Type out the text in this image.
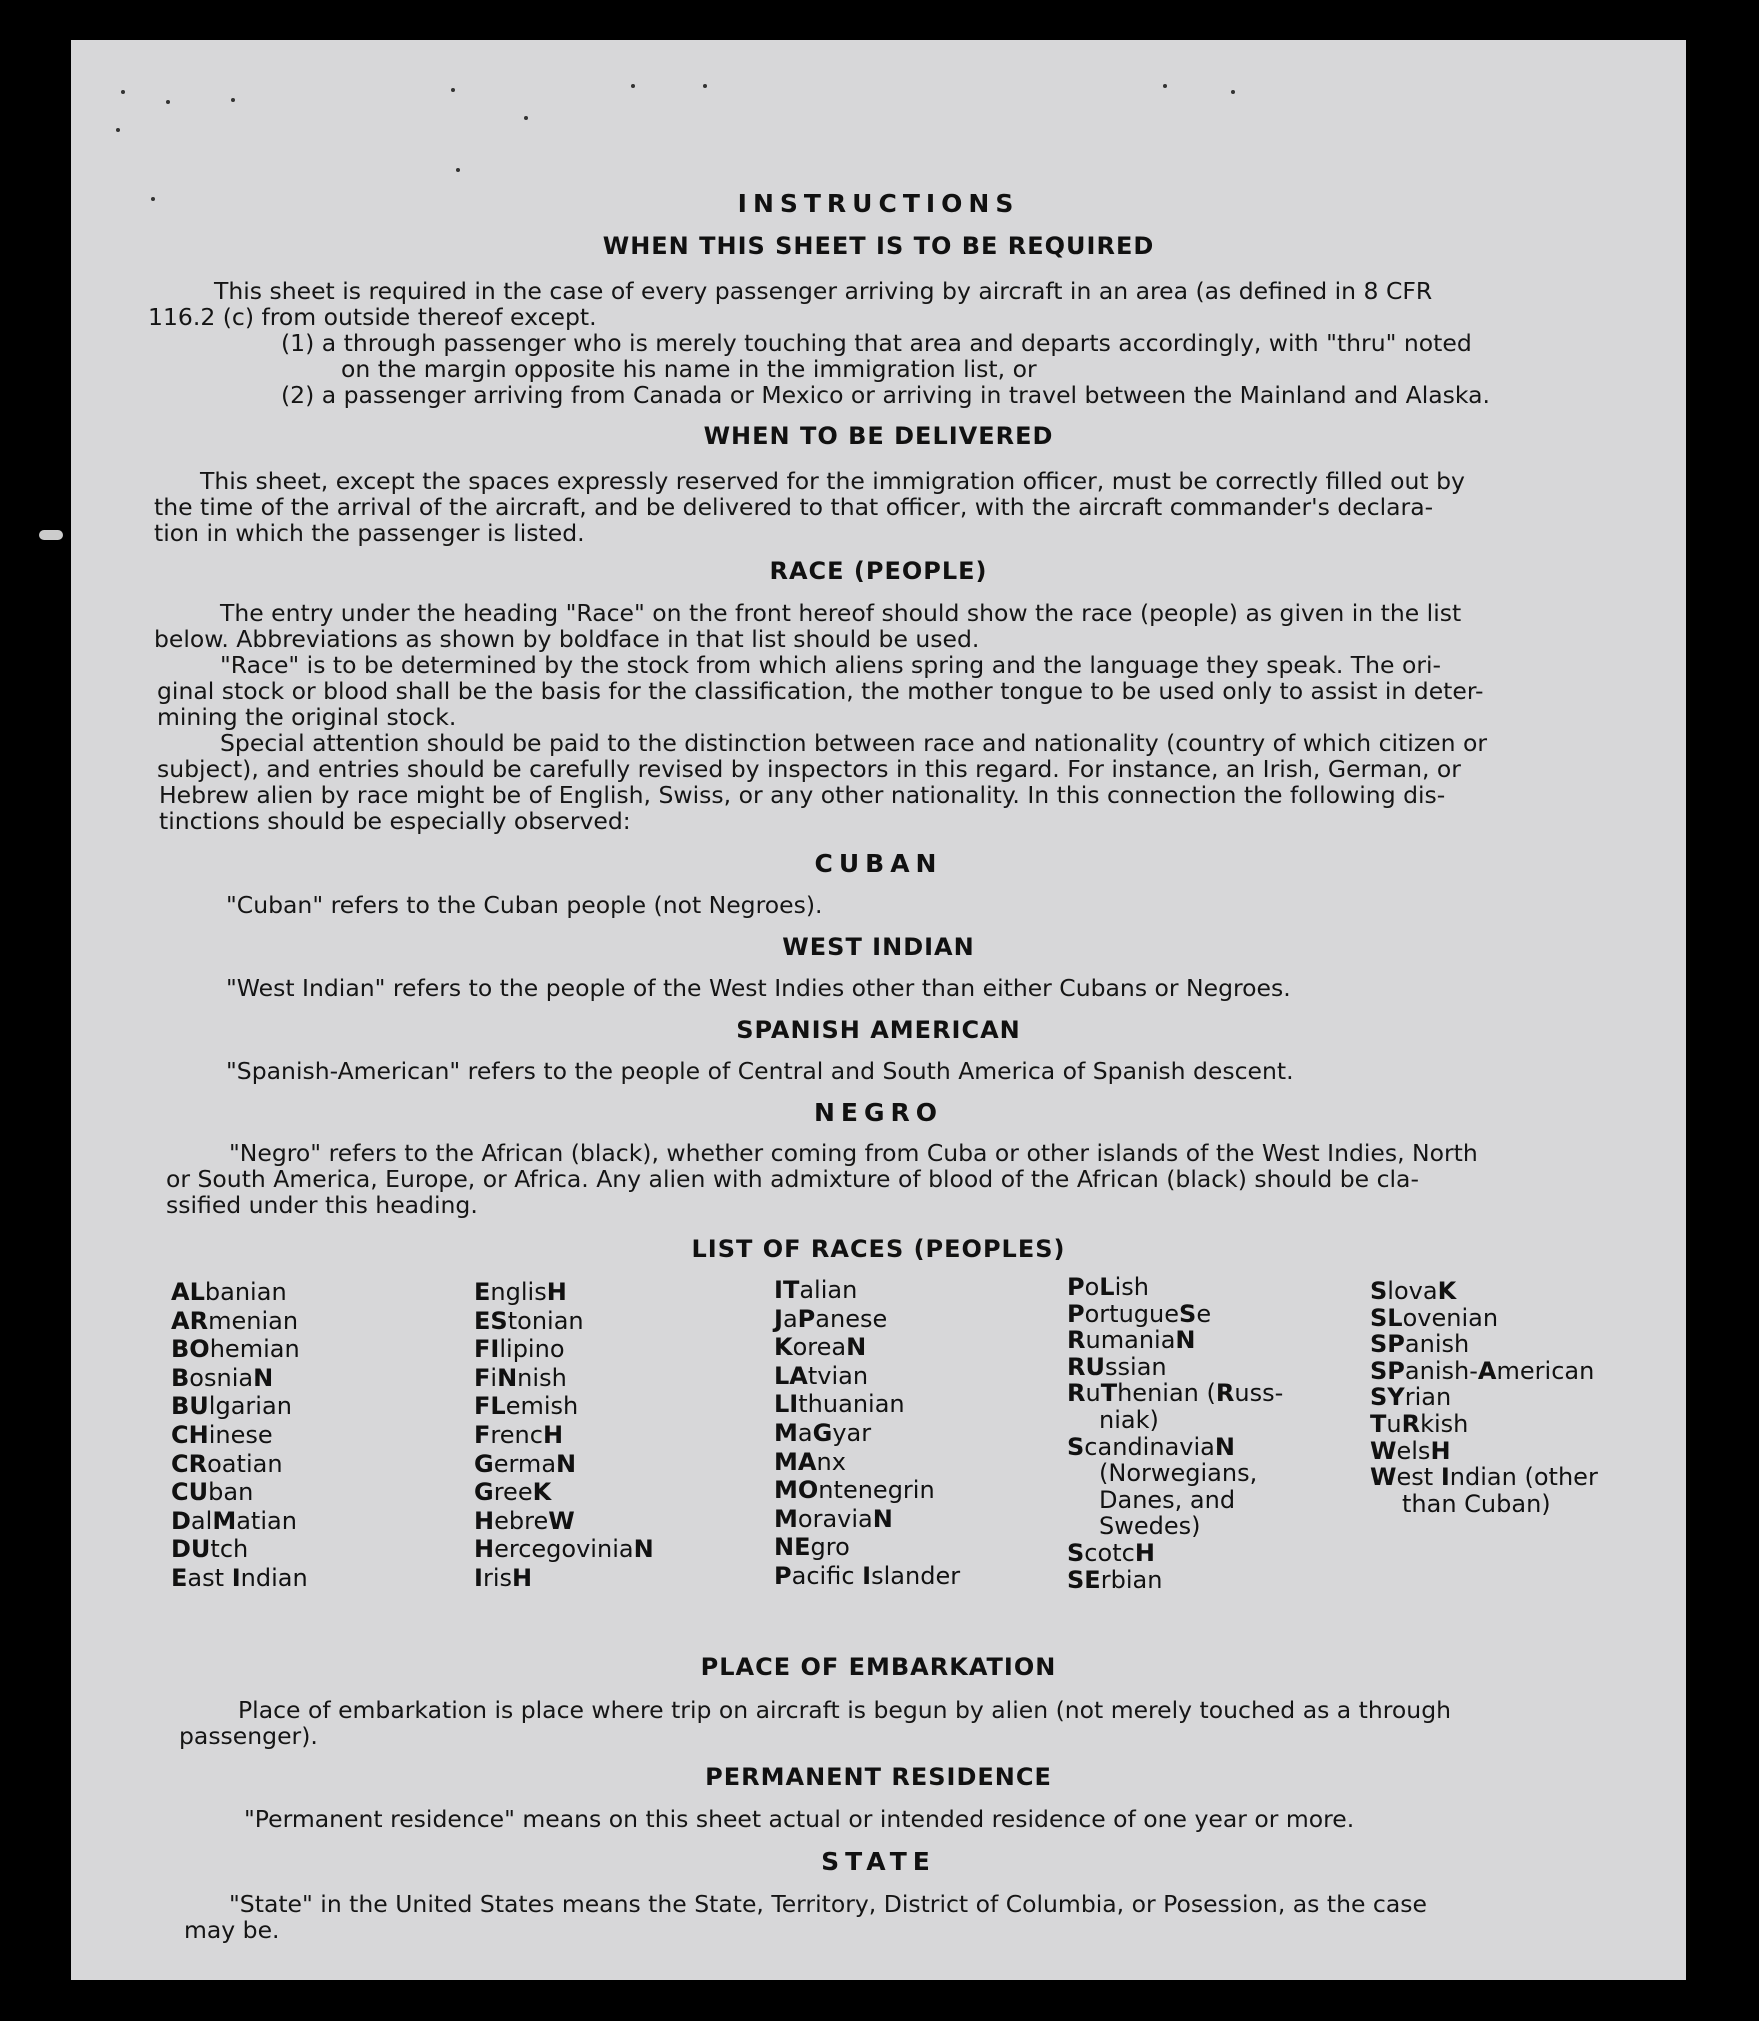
INSTRUCTIONS
WHEN THIS SHEET IS TO BE REQUIRED
This sheet is required in the case of every passenger arriving by aircraft in an area (as defined in 8 CFR
116.2 (c) from outside thereof except.
(1) a through passenger who is merely touching that area and departs accordingly, with "thru" noted
on the margin opposite his name in the immigration list, or
(2) a passenger arriving from Canada or Mexico or arriving in travel between the Mainland and Alaska.
WHEN TO BE DELIVERED
This sheet, except the spaces expressly reserved for the immigration officer, must be correctly filled out by
the time of the arrival of the aircraft, and be delivered to that officer, with the aircraft commander's declara-
tion in which the passenger is listed.
RACE (PEOPLE)
The entry under the heading "Race" on the front hereof should show the race (people) as given in the list
below. Abbreviations as shown by boldface in that list should be used.
"Race" is to be determined by the stock from which aliens spring and the language they speak. The ori-
ginal stock or blood shall be the basis for the classification, the mother tongue to be used only to assist in deter-
mining the original stock.
Special attention should be paid to the distinction between race and nationality (country of which citizen or
subject), and entries should be carefully revised by inspectors in this regard. For instance, an Irish, German, or
Hebrew alien by race might be of English, Swiss, or any other nationality. In this connection the following dis-
tinctions should be especially observed:
CUBAN
"Cuban" refers to the Cuban people (not Negroes).
WEST INDIAN
"West Indian" refers to the people of the West Indies other than either Cubans or Negroes.
SPANISH AMERICAN
"Spanish-American" refers to the people of Central and South America of Spanish descent.
NEGRO
"Negro" refers to the African (black), whether coming from Cuba or other islands of the West Indies, North
or South America, Europe, or Africa. Any alien with admixture of blood of the African (black) should be cla-
ssified under this heading.
LIST OF RACES (PEOPLES)
ALbanian
ARmenian
BOhemian
BosniaN
BUlgarian
CHinese
CRoatian
CUban
DalMatian
DUtch
East Indian
EnglisH
EStonian
FIlipino
FiNnish
FLemish
FrencH
GermaN
GreeK
HebreW
HercegoviniaN
IrisH
ITalian
JaPanese
KoreaN
LAtvian
LIthuanian
MaGyar
MAnx
MOntenegrin
MoraviaN
NEgro
Pacifc Islander
PoLish
PortugueSe
RumaniaN
RUssian
RuThenian (Russ-
niak)
ScandinaviaN
(Norwegians,
Danes, and
Swedes)
ScotcH
SErbian
SlovaK
SLovenian
SPanish
SPanish-American
SYrian
TuRkish
WelsH
West Indian (other
than Cuban)
PLACE OF EMBARKATION
Place of embarkation is place where trip on aircraft is begun by alien (not merely touched as a through
passenger).
PERMANENT RESIDENCE
"Permanent residence" means on this sheet actual or intended residence of one year or more.
STATE
"State" in the United States means the State, Territory, District of Columbia, or Posession, as the case
may be.
